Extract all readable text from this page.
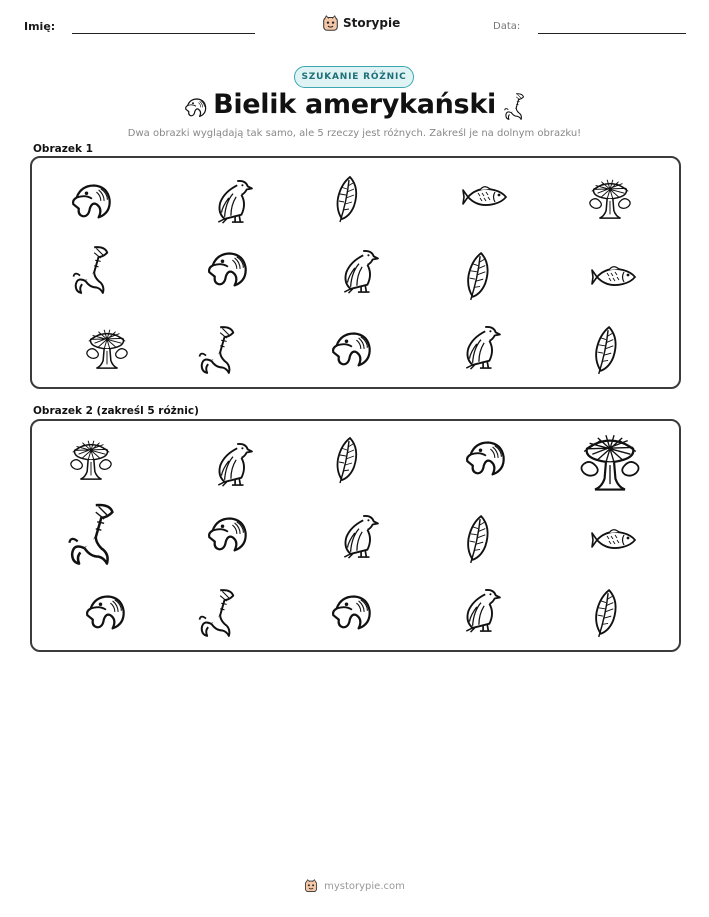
Imię:	Storypie	Data:
SZUKANIE RÓŻNIC
Bielik amerykański
Dwa obrazki wyglądają tak samo, ale 5 rzeczy jest różnych. Zakreśl je na dolnym obrazku!
Obrazek 1
Obrazek 2 (zakreśl 5 różnic)
mystorypie.com
